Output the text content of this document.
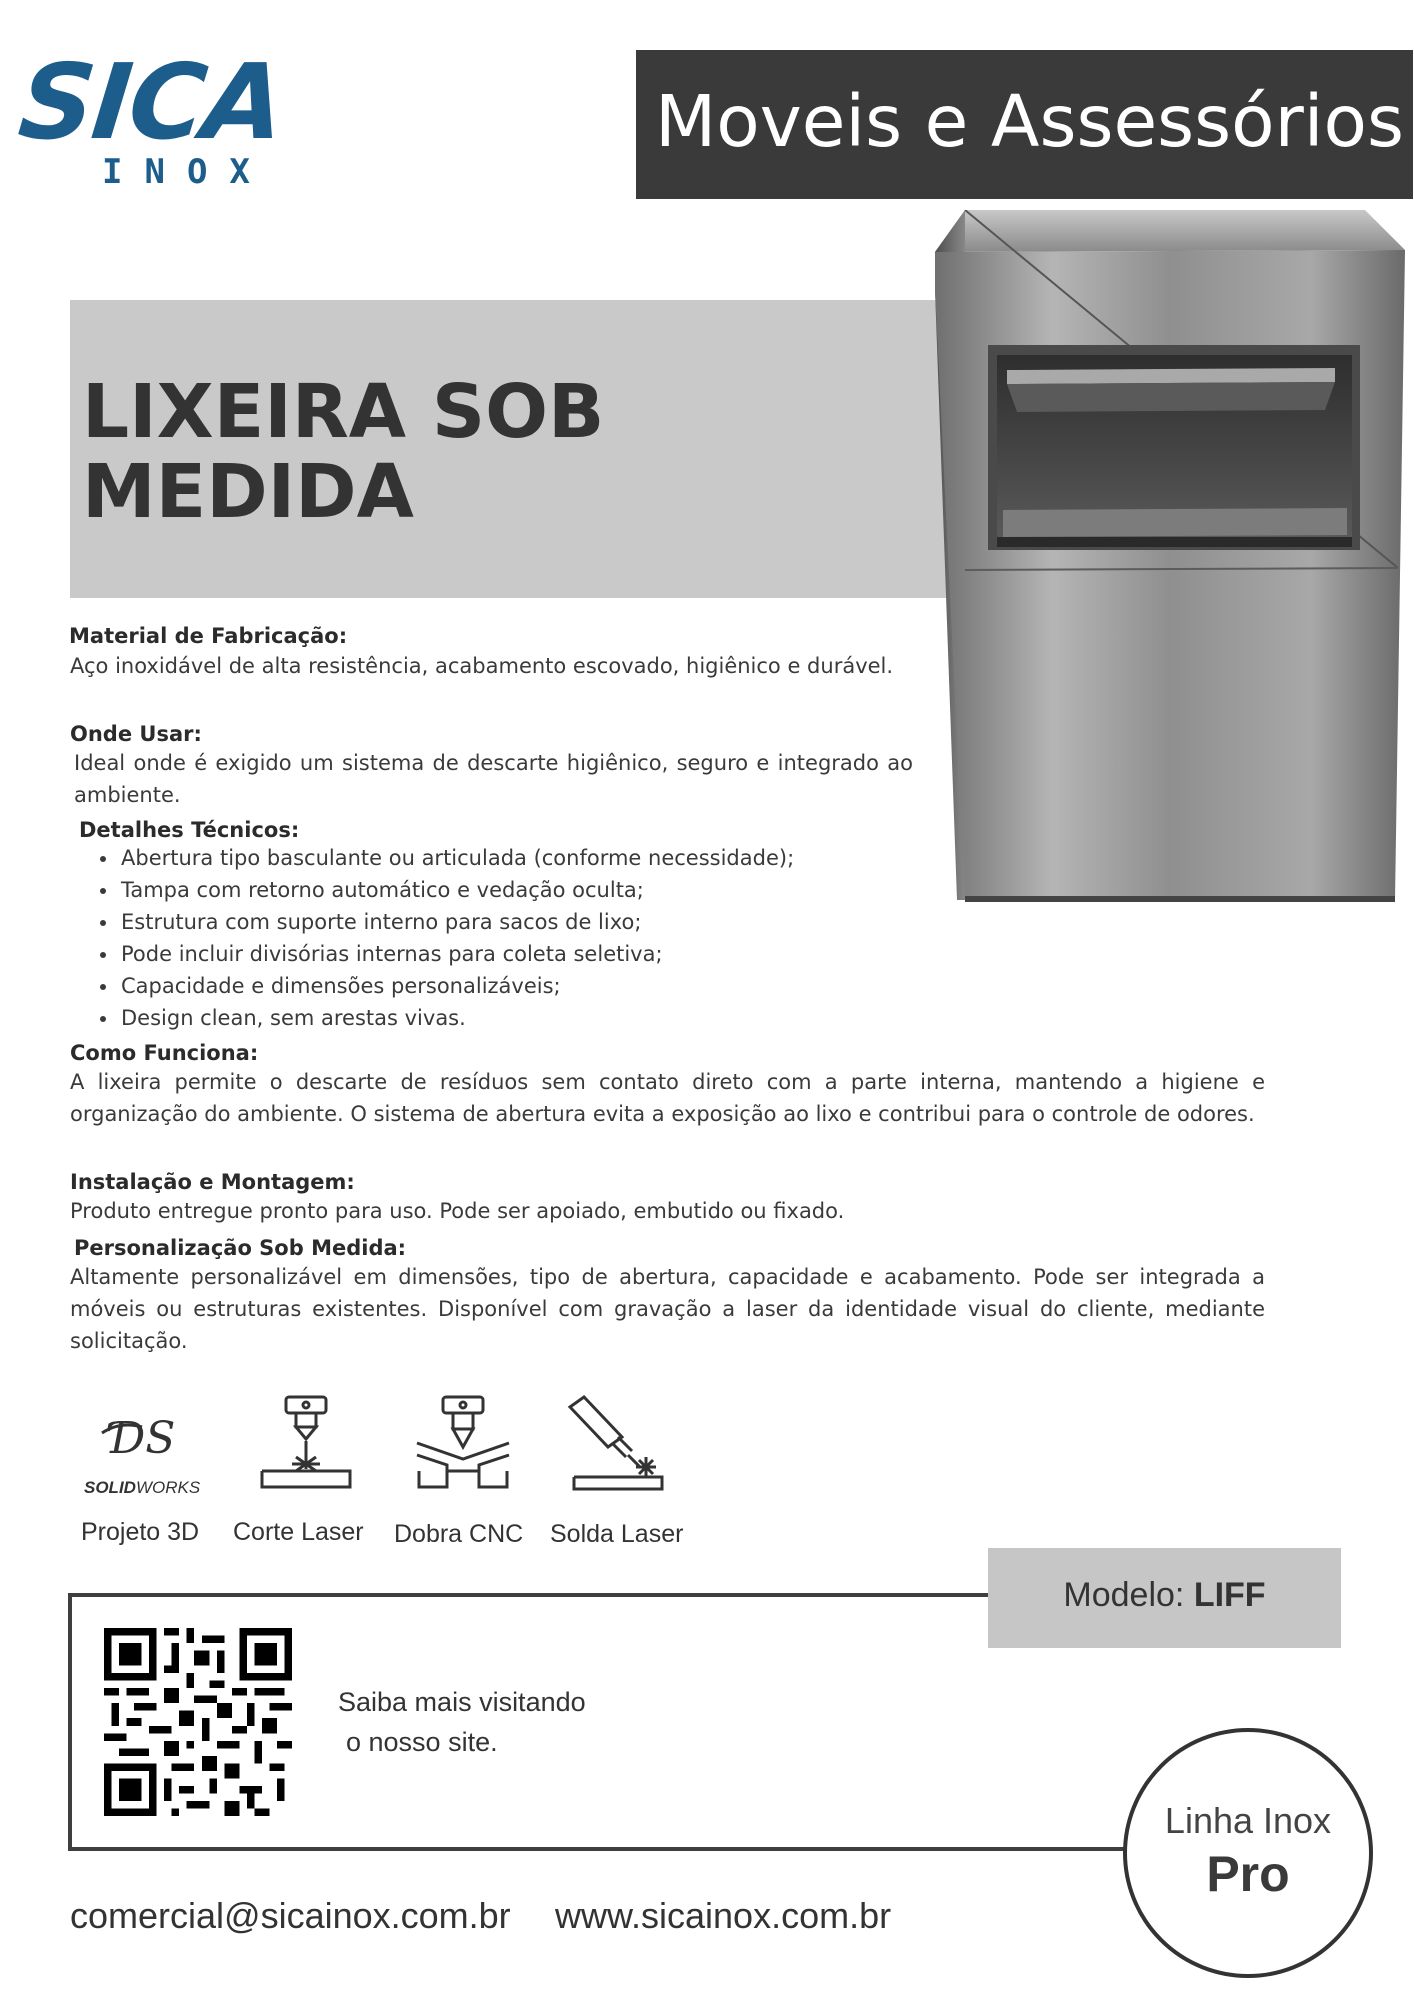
SICA
INOX
Moveis e Assessórios
LIXEIRA SOB MEDIDA
Material de Fabricação:
Aço inoxidável de alta resistência, acabamento escovado, higiênico e durável.
Onde Usar:
Ideal onde é exigido um sistema de descarte higiênico, seguro e integrado ao ambiente.
Detalhes Técnicos:
• Abertura tipo basculante ou articulada (conforme necessidade);
• Tampa com retorno automático e vedação oculta;
• Estrutura com suporte interno para sacos de lixo;
• Pode incluir divisórias internas para coleta seletiva;
• Capacidade e dimensões personalizáveis;
• Design clean, sem arestas vivas.
Como Funciona:
A lixeira permite o descarte de resíduos sem contato direto com a parte interna, mantendo a higiene e organização do ambiente. O sistema de abertura evita a exposição ao lixo e contribui para o controle de odores.
Instalação e Montagem:
Produto entregue pronto para uso. Pode ser apoiado, embutido ou fixado.
Personalização Sob Medida:
Altamente personalizável em dimensões, tipo de abertura, capacidade e acabamento. Pode ser integrada a móveis ou estruturas existentes. Disponível com gravação a laser da identidade visual do cliente, mediante solicitação.
ƊS
SOLIDWORKS
Projeto 3D Corte Laser Dobra CNC Solda Laser
Modelo: LIFF
Saiba mais visitando
o nosso site.
Linha Inox
Pro
comercial@sicainox.com.br www.sicainox.com.br
